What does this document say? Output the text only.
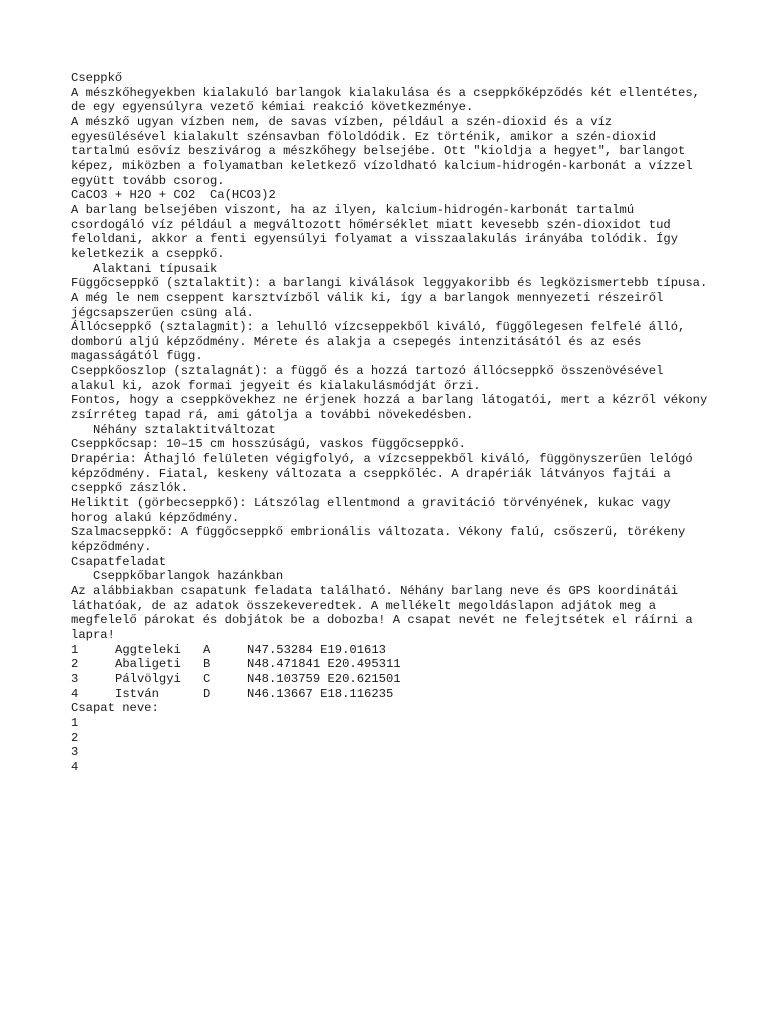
Cseppkő
A mészkőhegyekben kialakuló barlangok kialakulása és a cseppkőképződés két ellentétes, de egy egyensúlyra vezető kémiai reakció következménye.
A mészkő ugyan vízben nem, de savas vízben, például a szén-dioxid és a víz egyesülésével kialakult szénsavban föloldódik. Ez történik, amikor a szén-dioxid tartalmú esővíz beszivárog a mészkőhegy belsejébe. Ott "kioldja a hegyet", barlangot képez, miközben a folyamatban keletkező vízoldható kalcium-hidrogén-karbonát a vízzel együtt tovább csorog.
CaCO3 + H2O + CO2  Ca(HCO3)2
A barlang belsejében viszont, ha az ilyen, kalcium-hidrogén-karbonát tartalmú csordogáló víz például a megváltozott hőmérséklet miatt kevesebb szén-dioxidot tud feloldani, akkor a fenti egyensúlyi folyamat a visszaalakulás irányába tolódik. Így keletkezik a cseppkő.
Alaktani típusaik
Függőcseppkő (sztalaktit): a barlangi kiválások leggyakoribb és legközismertebb típusa. A még le nem cseppent karsztvízből válik ki, így a barlangok mennyezeti részeiről jégcsapszerűen csüng alá.
Állócseppkő (sztalagmit): a lehulló vízcseppekből kiváló, függőlegesen felfelé álló, domború aljú képződmény. Mérete és alakja a csepegés intenzitásától és az esés magasságától függ.
Cseppkőoszlop (sztalagnát): a függő és a hozzá tartozó állócseppkő összenövésével alakul ki, azok formai jegyeit és kialakulásmódját őrzi.
Fontos, hogy a cseppkövekhez ne érjenek hozzá a barlang látogatói, mert a kézről vékony zsírréteg tapad rá, ami gátolja a további növekedésben.
Néhány sztalaktitváltozat
Cseppkőcsap: 10–15 cm hosszúságú, vaskos függőcseppkő.
Drapéria: Áthajló felületen végigfolyó, a vízcseppekből kiváló, függönyszerűen lelógó képződmény. Fiatal, keskeny változata a cseppkőléc. A drapériák látványos fajtái a cseppkő zászlók.
Heliktit (görbecseppkő): Látszólag ellentmond a gravitáció törvényének, kukac vagy horog alakú képződmény.
Szalmacseppkő: A függőcseppkő embrionális változata. Vékony falú, csőszerű, törékeny képződmény.
Csapatfeladat
Cseppkőbarlangok hazánkban
Az alábbiakban csapatunk feladata található. Néhány barlang neve és GPS koordinátái láthatóak, de az adatok összekeveredtek. A mellékelt megoldáslapon adjátok meg a megfelelő párokat és dobjátok be a dobozba! A csapat nevét ne felejtsétek el ráírni a lapra!
1	Aggteleki	A	N47.53284 E19.01613
2	Abaligeti	B	N48.471841 E20.495311
3	Pálvölgyi	C	N48.103759 E20.621501
4	István	D	N46.13667 E18.116235
Csapat neve:
1
2
3
4
